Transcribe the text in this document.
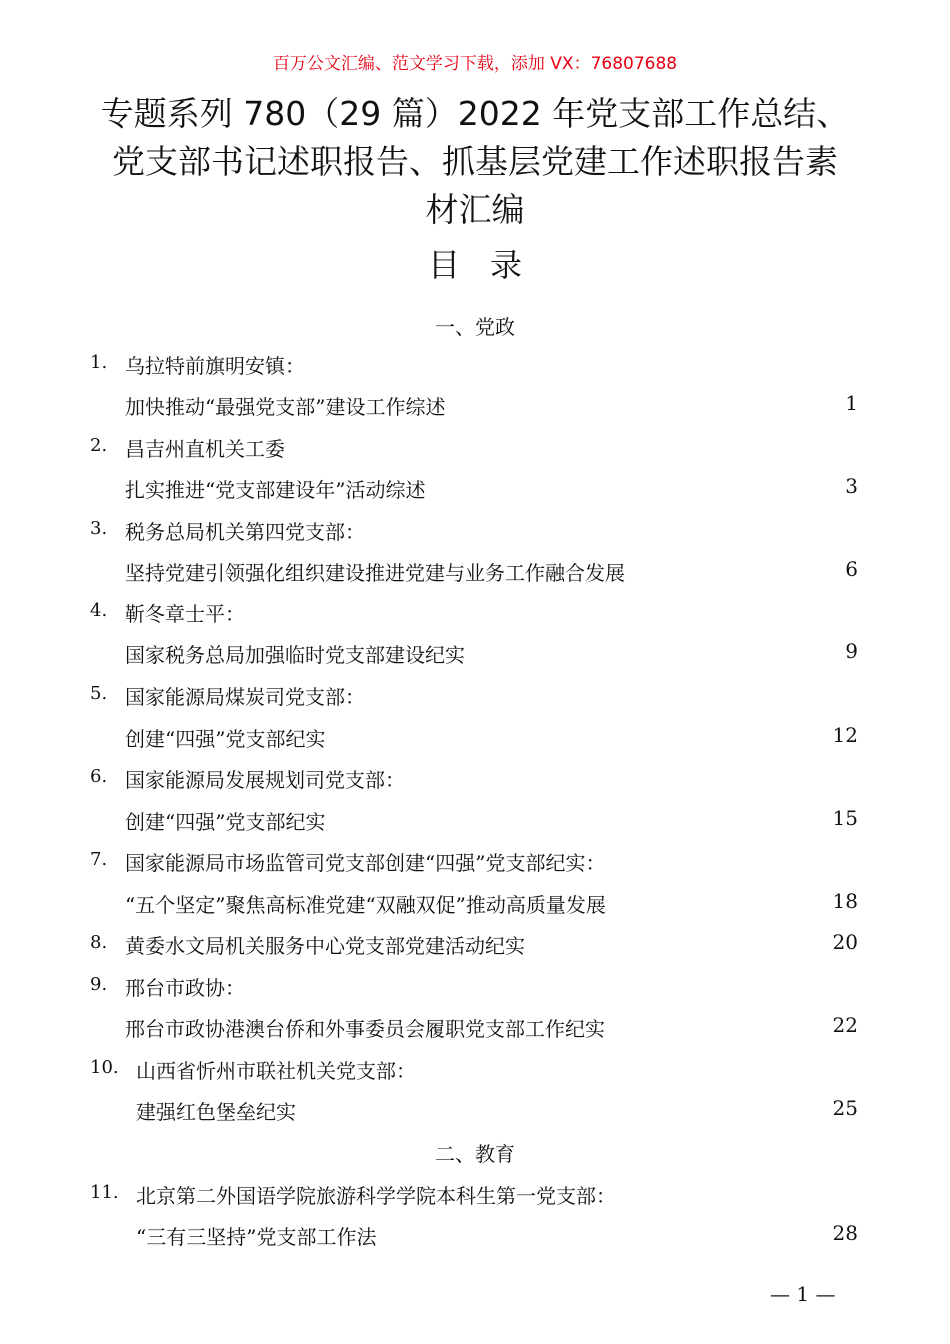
百万公文汇编、范文学习下载，添加 VX：76807688
专题系列 780（29 篇）2022 年党支部工作总结、
党支部书记述职报告、抓基层党建工作述职报告素
材汇编
目录
一、党政
1. 乌拉特前旗明安镇：
加快推动“最强党支部”建设工作综述	1
2. 昌吉州直机关工委
扎实推进“党支部建设年”活动综述	3
3. 税务总局机关第四党支部：
坚持党建引领强化组织建设推进党建与业务工作融合发展	6
4. 靳冬章士平：
国家税务总局加强临时党支部建设纪实	9
5. 国家能源局煤炭司党支部：
创建“四强”党支部纪实	12
6. 国家能源局发展规划司党支部：
创建“四强”党支部纪实	15
7. 国家能源局市场监管司党支部创建“四强”党支部纪实：
“五个坚定”聚焦高标准党建“双融双促”推动高质量发展	18
8. 黄委水文局机关服务中心党支部党建活动纪实	20
9. 邢台市政协：
邢台市政协港澳台侨和外事委员会履职党支部工作纪实	22
10. 山西省忻州市联社机关党支部：
建强红色堡垒纪实	25
二、教育
11. 北京第二外国语学院旅游科学学院本科生第一党支部：
“三有三坚持”党支部工作法	28
— 1 —
